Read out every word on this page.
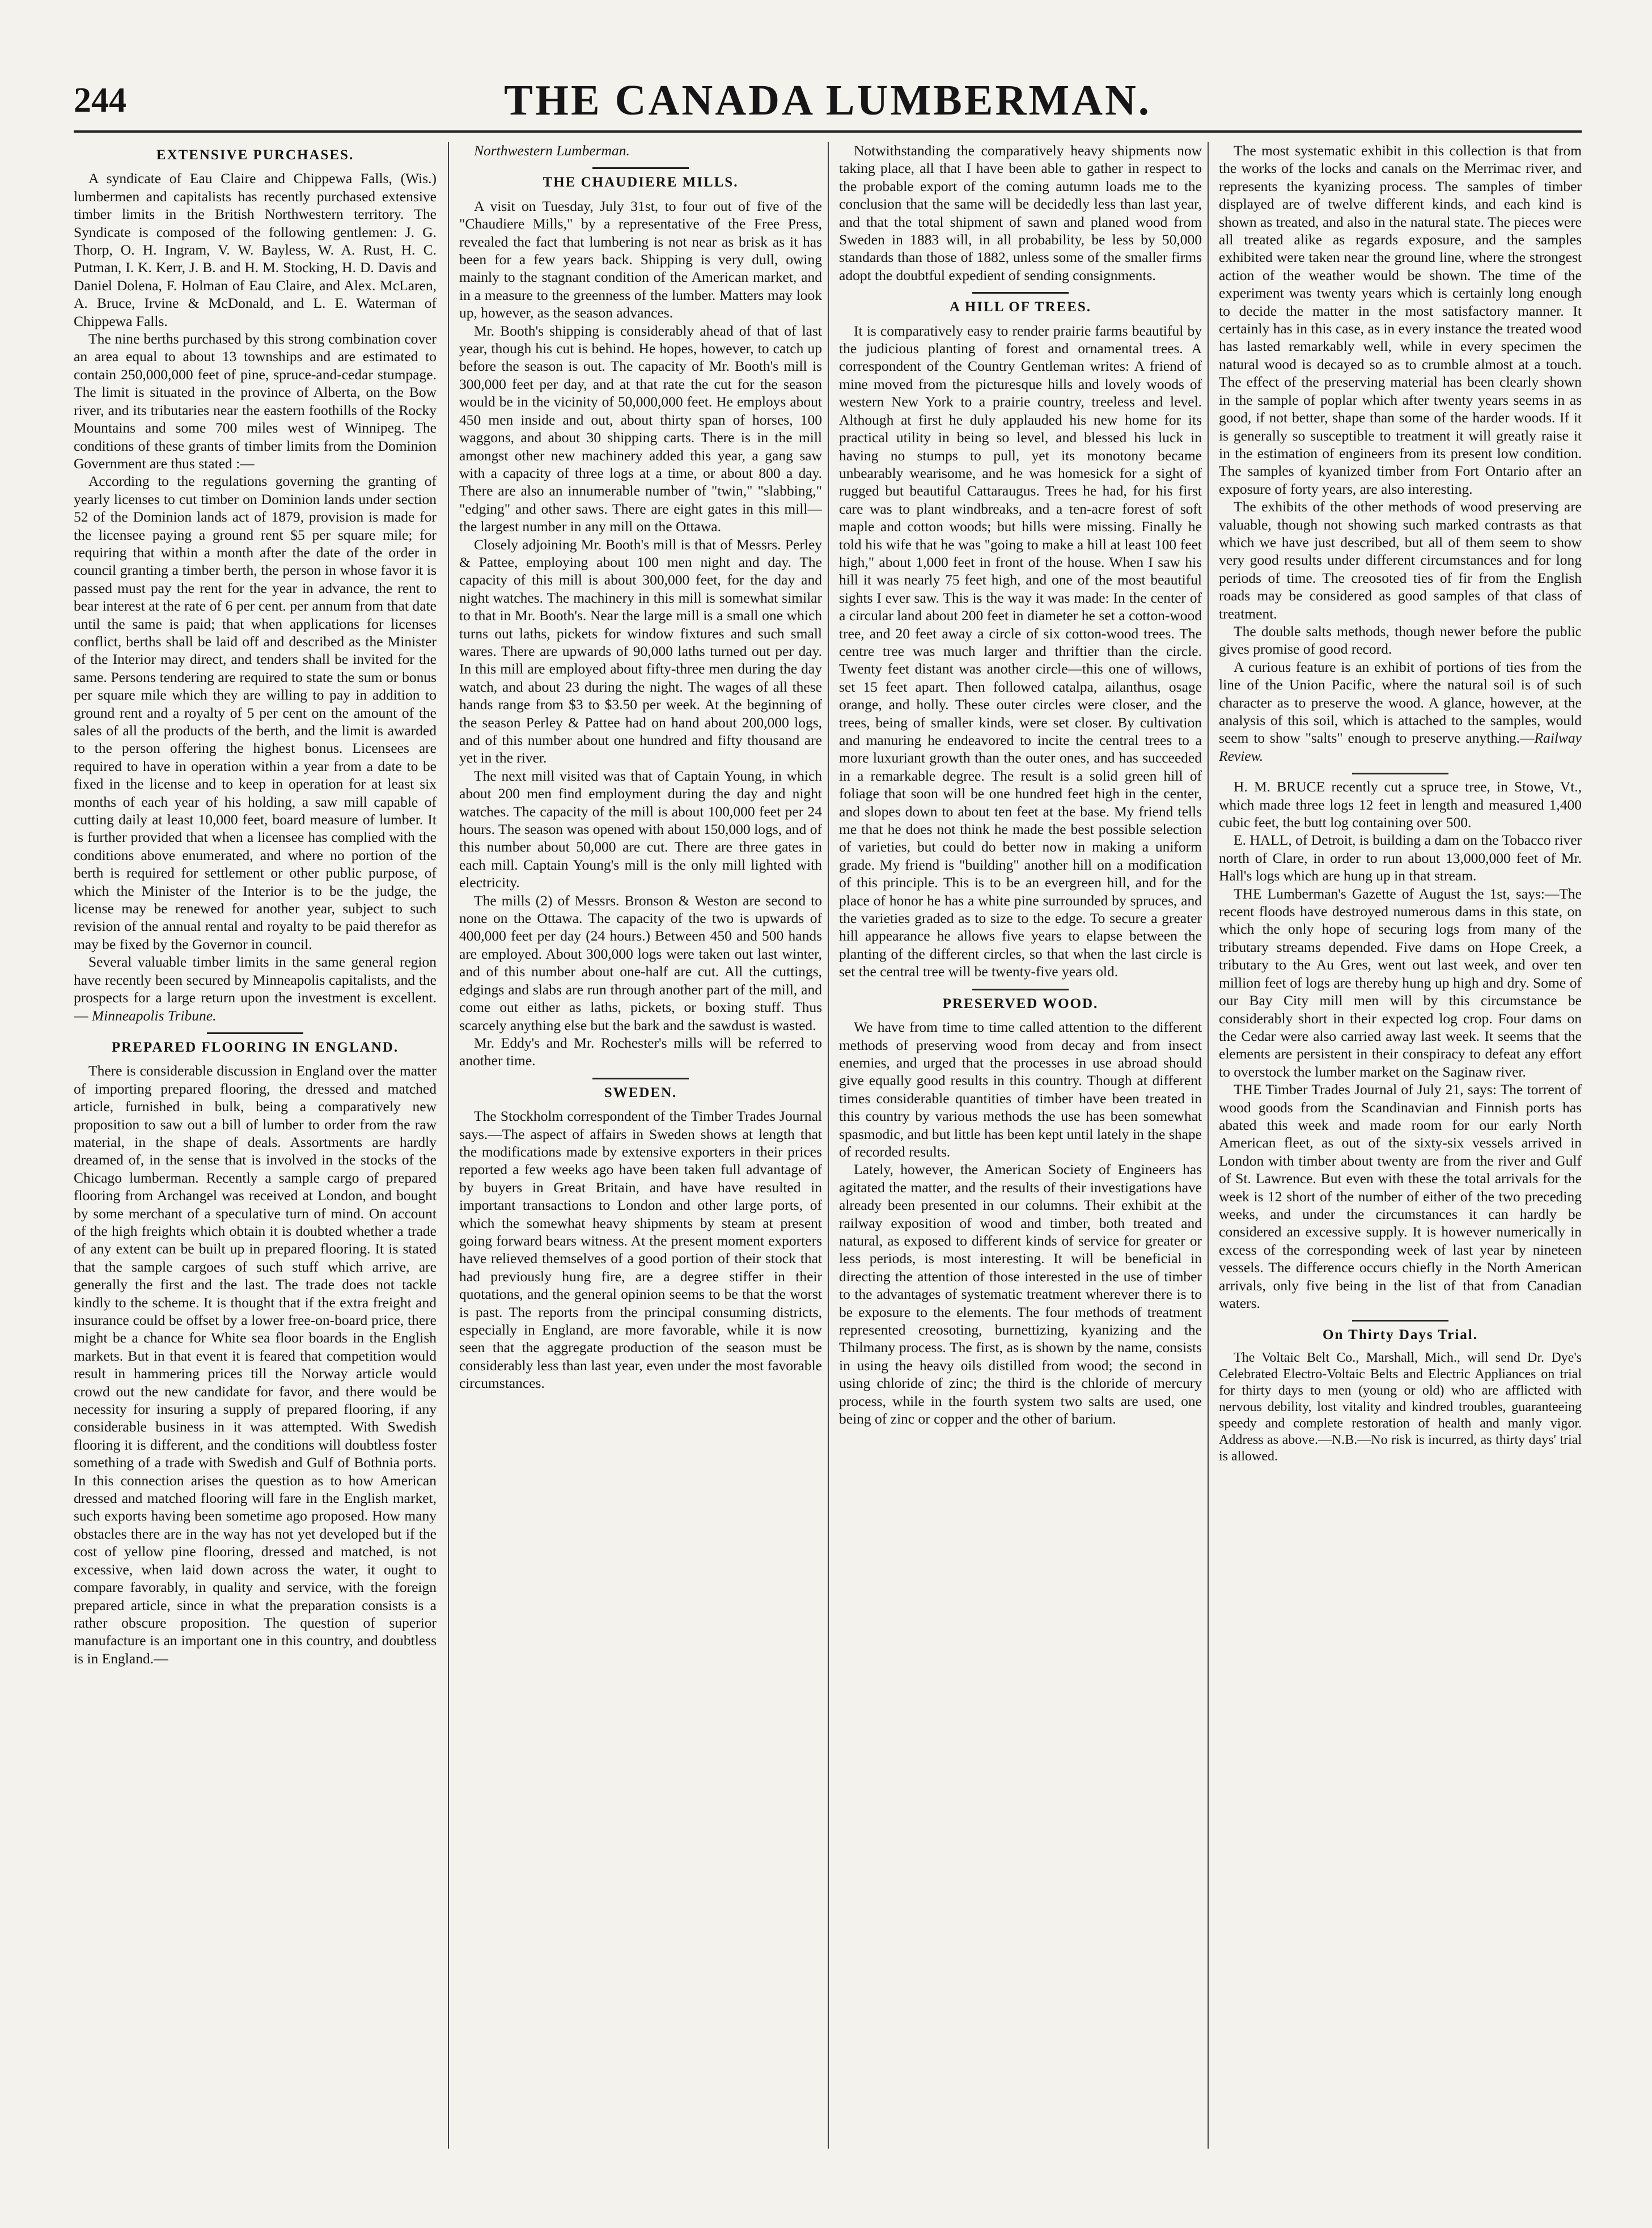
244	THE CANADA LUMBERMAN.
EXTENSIVE PURCHASES.

A syndicate of Eau Claire and Chippewa Falls, (Wis.) lumbermen and capitalists has recently purchased extensive timber limits in the British Northwestern territory. The Syndicate is composed of the following gentlemen: J. G. Thorp, O. H. Ingram, V. W. Bayless, W. A. Rust, H. C. Putman, I. K. Kerr, J. B. and H. M. Stocking, H. D. Davis and Daniel Dolena, F. Holman of Eau Claire, and Alex. McLaren, A. Bruce, Irvine & McDonald, and L. E. Waterman of Chippewa Falls.

The nine berths purchased by this strong combination cover an area equal to about 13 townships and are estimated to contain 250,000,000 feet of pine, spruce-and-cedar stumpage. The limit is situated in the province of Alberta, on the Bow river, and its tributaries near the eastern foothills of the Rocky Mountains and some 700 miles west of Winnipeg. The conditions of these grants of timber limits from the Dominion Government are thus stated :—

According to the regulations governing the granting of yearly licenses to cut timber on Dominion lands under section 52 of the Dominion lands act of 1879, provision is made for the licensee paying a ground rent $5 per square mile; for requiring that within a month after the date of the order in council granting a timber berth, the person in whose favor it is passed must pay the rent for the year in advance, the rent to bear interest at the rate of 6 per cent. per annum from that date until the same is paid; that when applications for licenses conflict, berths shall be laid off and described as the Minister of the Interior may direct, and tenders shall be invited for the same. Persons tendering are required to state the sum or bonus per square mile which they are willing to pay in addition to ground rent and a royalty of 5 per cent on the amount of the sales of all the products of the berth, and the limit is awarded to the person offering the highest bonus. Licensees are required to have in operation within a year from a date to be fixed in the license and to keep in operation for at least six months of each year of his holding, a saw mill capable of cutting daily at least 10,000 feet, board measure of lumber. It is further provided that when a licensee has complied with the conditions above enumerated, and where no portion of the berth is required for settlement or other public purpose, of which the Minister of the Interior is to be the judge, the license may be renewed for another year, subject to such revision of the annual rental and royalty to be paid therefor as may be fixed by the Governor in council.

Several valuable timber limits in the same general region have recently been secured by Minneapolis capitalists, and the prospects for a large return upon the investment is excellent.— Minneapolis Tribune.

PREPARED FLOORING IN ENGLAND.

There is considerable discussion in England over the matter of importing prepared flooring, the dressed and matched article, furnished in bulk, being a comparatively new proposition to saw out a bill of lumber to order from the raw material, in the shape of deals. Assortments are hardly dreamed of, in the sense that is involved in the stocks of the Chicago lumberman. Recently a sample cargo of prepared flooring from Archangel was received at London, and bought by some merchant of a speculative turn of mind. On account of the high freights which obtain it is doubted whether a trade of any extent can be built up in prepared flooring. It is stated that the sample cargoes of such stuff which arrive, are generally the first and the last. The trade does not tackle kindly to the scheme. It is thought that if the extra freight and insurance could be offset by a lower free-on-board price, there might be a chance for White sea floor boards in the English markets. But in that event it is feared that competition would result in hammering prices till the Norway article would crowd out the new candidate for favor, and there would be necessity for insuring a supply of prepared flooring, if any considerable business in it was attempted. With Swedish flooring it is different, and the conditions will doubtless foster something of a trade with Swedish and Gulf of Bothnia ports. In this connection arises the question as to how American dressed and matched flooring will fare in the English market, such exports having been sometime ago proposed. How many obstacles there are in the way has not yet developed but if the cost of yellow pine flooring, dressed and matched, is not excessive, when laid down across the water, it ought to compare favorably, in quality and service, with the foreign prepared article, since in what the preparation consists is a rather obscure proposition. The question of superior manufacture is an important one in this country, and doubtless is in England.—

Northwestern Lumberman.

THE CHAUDIERE MILLS.

A visit on Tuesday, July 31st, to four out of five of the "Chaudiere Mills," by a representative of the Free Press, revealed the fact that lumbering is not near as brisk as it has been for a few years back. Shipping is very dull, owing mainly to the stagnant condition of the American market, and in a measure to the greenness of the lumber. Matters may look up, however, as the season advances.

Mr. Booth's shipping is considerably ahead of that of last year, though his cut is behind. He hopes, however, to catch up before the season is out. The capacity of Mr. Booth's mill is 300,000 feet per day, and at that rate the cut for the season would be in the vicinity of 50,000,000 feet. He employs about 450 men inside and out, about thirty span of horses, 100 waggons, and about 30 shipping carts. There is in the mill amongst other new machinery added this year, a gang saw with a capacity of three logs at a time, or about 800 a day. There are also an innumerable number of "twin," "slabbing," "edging" and other saws. There are eight gates in this mill—the largest number in any mill on the Ottawa.

Closely adjoining Mr. Booth's mill is that of Messrs. Perley & Pattee, employing about 100 men night and day. The capacity of this mill is about 300,000 feet, for the day and night watches. The machinery in this mill is somewhat similar to that in Mr. Booth's. Near the large mill is a small one which turns out laths, pickets for window fixtures and such small wares. There are upwards of 90,000 laths turned out per day. In this mill are employed about fifty-three men during the day watch, and about 23 during the night. The wages of all these hands range from $3 to $3.50 per week. At the beginning of the season Perley & Pattee had on hand about 200,000 logs, and of this number about one hundred and fifty thousand are yet in the river.

The next mill visited was that of Captain Young, in which about 200 men find employment during the day and night watches. The capacity of the mill is about 100,000 feet per 24 hours. The season was opened with about 150,000 logs, and of this number about 50,000 are cut. There are three gates in each mill. Captain Young's mill is the only mill lighted with electricity.

The mills (2) of Messrs. Bronson & Weston are second to none on the Ottawa. The capacity of the two is upwards of 400,000 feet per day (24 hours.) Between 450 and 500 hands are employed. About 300,000 logs were taken out last winter, and of this number about one-half are cut. All the cuttings, edgings and slabs are run through another part of the mill, and come out either as laths, pickets, or boxing stuff. Thus scarcely anything else but the bark and the sawdust is wasted.

Mr. Eddy's and Mr. Rochester's mills will be referred to another time.

SWEDEN.

The Stockholm correspondent of the Timber Trades Journal says.—The aspect of affairs in Sweden shows at length that the modifications made by extensive exporters in their prices reported a few weeks ago have been taken full advantage of by buyers in Great Britain, and have have resulted in important transactions to London and other large ports, of which the somewhat heavy shipments by steam at present going forward bears witness. At the present moment exporters have relieved themselves of a good portion of their stock that had previously hung fire, are a degree stiffer in their quotations, and the general opinion seems to be that the worst is past. The reports from the principal consuming districts, especially in England, are more favorable, while it is now seen that the aggregate production of the season must be considerably less than last year, even under the most favorable circumstances.

Notwithstanding the comparatively heavy shipments now taking place, all that I have been able to gather in respect to the probable export of the coming autumn loads me to the conclusion that the same will be decidedly less than last year, and that the total shipment of sawn and planed wood from Sweden in 1883 will, in all probability, be less by 50,000 standards than those of 1882, unless some of the smaller firms adopt the doubtful expedient of sending consignments.

A HILL OF TREES.

It is comparatively easy to render prairie farms beautiful by the judicious planting of forest and ornamental trees. A correspondent of the Country Gentleman writes: A friend of mine moved from the picturesque hills and lovely woods of western New York to a prairie country, treeless and level. Although at first he duly applauded his new home for its practical utility in being so level, and blessed his luck in having no stumps to pull, yet its monotony became unbearably wearisome, and he was homesick for a sight of rugged but beautiful Cattaraugus. Trees he had, for his first care was to plant windbreaks, and a ten-acre forest of soft maple and cotton woods; but hills were missing. Finally he told his wife that he was "going to make a hill at least 100 feet high," about 1,000 feet in front of the house. When I saw his hill it was nearly 75 feet high, and one of the most beautiful sights I ever saw. This is the way it was made: In the center of a circular land about 200 feet in diameter he set a cotton-wood tree, and 20 feet away a circle of six cotton-wood trees. The centre tree was much larger and thriftier than the circle. Twenty feet distant was another circle—this one of willows, set 15 feet apart. Then followed catalpa, ailanthus, osage orange, and holly. These outer circles were closer, and the trees, being of smaller kinds, were set closer. By cultivation and manuring he endeavored to incite the central trees to a more luxuriant growth than the outer ones, and has succeeded in a remarkable degree. The result is a solid green hill of foliage that soon will be one hundred feet high in the center, and slopes down to about ten feet at the base. My friend tells me that he does not think he made the best possible selection of varieties, but could do better now in making a uniform grade. My friend is "building" another hill on a modification of this principle. This is to be an evergreen hill, and for the place of honor he has a white pine surrounded by spruces, and the varieties graded as to size to the edge. To secure a greater hill appearance he allows five years to elapse between the planting of the different circles, so that when the last circle is set the central tree will be twenty-five years old.

PRESERVED WOOD.

We have from time to time called attention to the different methods of preserving wood from decay and from insect enemies, and urged that the processes in use abroad should give equally good results in this country. Though at different times considerable quantities of timber have been treated in this country by various methods the use has been somewhat spasmodic, and but little has been kept until lately in the shape of recorded results.

Lately, however, the American Society of Engineers has agitated the matter, and the results of their investigations have already been presented in our columns. Their exhibit at the railway exposition of wood and timber, both treated and natural, as exposed to different kinds of service for greater or less periods, is most interesting. It will be beneficial in directing the attention of those interested in the use of timber to the advantages of systematic treatment wherever there is to be exposure to the elements. The four methods of treatment represented creosoting, burnettizing, kyanizing and the Thilmany process. The first, as is shown by the name, consists in using the heavy oils distilled from wood; the second in using chloride of zinc; the third is the chloride of mercury process, while in the fourth system two salts are used, one being of zinc or copper and the other of barium.

The most systematic exhibit in this collection is that from the works of the locks and canals on the Merrimac river, and represents the kyanizing process. The samples of timber displayed are of twelve different kinds, and each kind is shown as treated, and also in the natural state. The pieces were all treated alike as regards exposure, and the samples exhibited were taken near the ground line, where the strongest action of the weather would be shown. The time of the experiment was twenty years which is certainly long enough to decide the matter in the most satisfactory manner. It certainly has in this case, as in every instance the treated wood has lasted remarkably well, while in every specimen the natural wood is decayed so as to crumble almost at a touch. The effect of the preserving material has been clearly shown in the sample of poplar which after twenty years seems in as good, if not better, shape than some of the harder woods. If it is generally so susceptible to treatment it will greatly raise it in the estimation of engineers from its present low condition. The samples of kyanized timber from Fort Ontario after an exposure of forty years, are also interesting.

The exhibits of the other methods of wood preserving are valuable, though not showing such marked contrasts as that which we have just described, but all of them seem to show very good results under different circumstances and for long periods of time. The creosoted ties of fir from the English roads may be considered as good samples of that class of treatment.

The double salts methods, though newer before the public gives promise of good record.

A curious feature is an exhibit of portions of ties from the line of the Union Pacific, where the natural soil is of such character as to preserve the wood. A glance, however, at the analysis of this soil, which is attached to the samples, would seem to show "salts" enough to preserve anything.—Railway Review.

H. M. BRUCE recently cut a spruce tree, in Stowe, Vt., which made three logs 12 feet in length and measured 1,400 cubic feet, the butt log containing over 500.

E. HALL, of Detroit, is building a dam on the Tobacco river north of Clare, in order to run about 13,000,000 feet of Mr. Hall's logs which are hung up in that stream.

THE Lumberman's Gazette of August the 1st, says:—The recent floods have destroyed numerous dams in this state, on which the only hope of securing logs from many of the tributary streams depended. Five dams on Hope Creek, a tributary to the Au Gres, went out last week, and over ten million feet of logs are thereby hung up high and dry. Some of our Bay City mill men will by this circumstance be considerably short in their expected log crop. Four dams on the Cedar were also carried away last week. It seems that the elements are persistent in their conspiracy to defeat any effort to overstock the lumber market on the Saginaw river.

THE Timber Trades Journal of July 21, says: The torrent of wood goods from the Scandinavian and Finnish ports has abated this week and made room for our early North American fleet, as out of the sixty-six vessels arrived in London with timber about twenty are from the river and Gulf of St. Lawrence. But even with these the total arrivals for the week is 12 short of the number of either of the two preceding weeks, and under the circumstances it can hardly be considered an excessive supply. It is however numerically in excess of the corresponding week of last year by nineteen vessels. The difference occurs chiefly in the North American arrivals, only five being in the list of that from Canadian waters.

On Thirty Days Trial.

The Voltaic Belt Co., Marshall, Mich., will send Dr. Dye's Celebrated Electro-Voltaic Belts and Electric Appliances on trial for thirty days to men (young or old) who are afflicted with nervous debility, lost vitality and kindred troubles, guaranteeing speedy and complete restoration of health and manly vigor. Address as above.—N.B.—No risk is incurred, as thirty days' trial is allowed.
